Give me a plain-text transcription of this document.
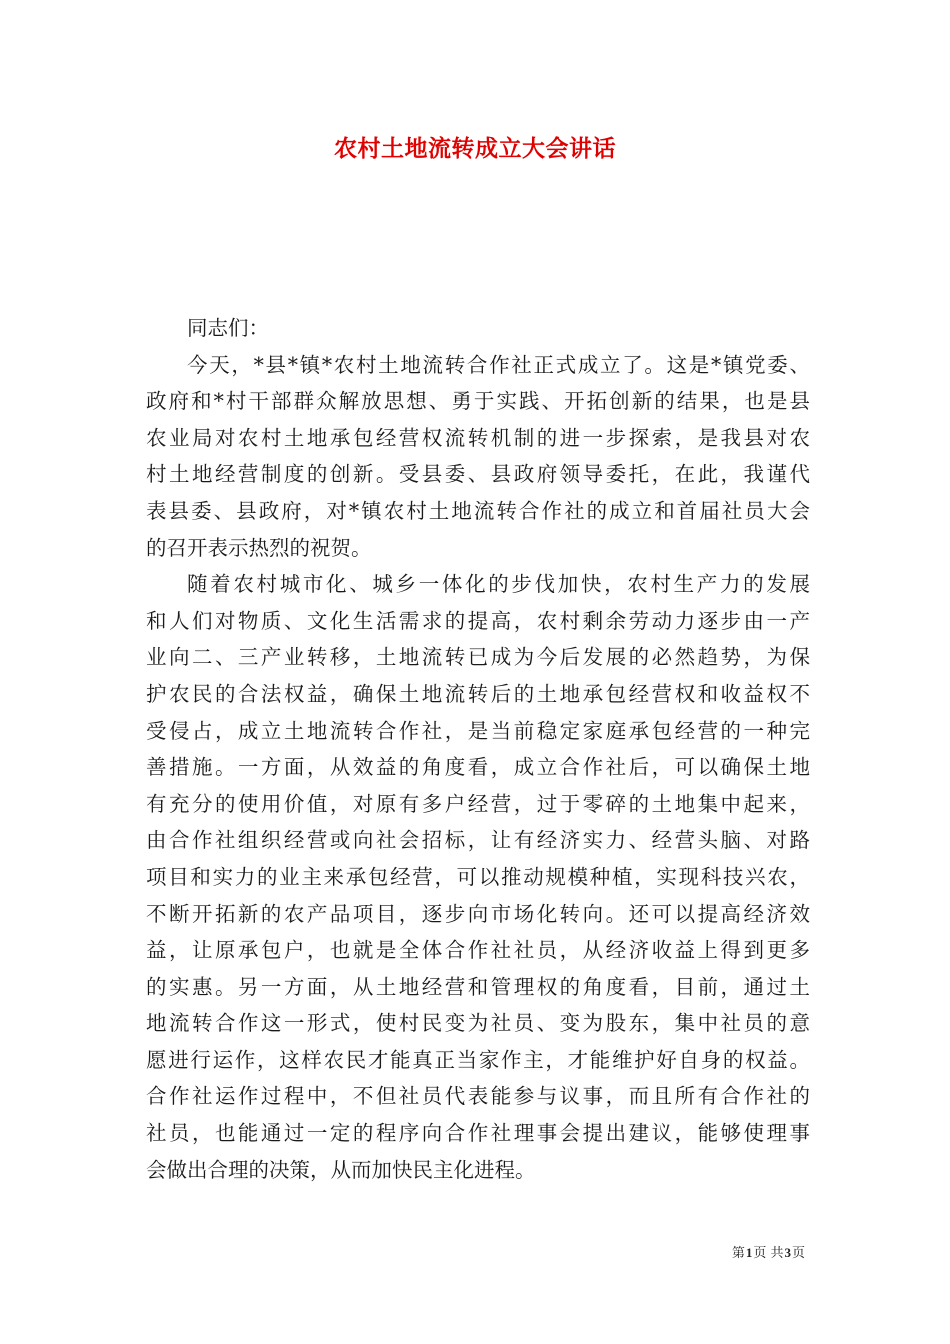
农村土地流转成立大会讲话
同志们：
今天，*县*镇*农村土地流转合作社正式成立了。这是*镇党委、
政府和*村干部群众解放思想、勇于实践、开拓创新的结果，也是县
农业局对农村土地承包经营权流转机制的进一步探索，是我县对农
村土地经营制度的创新。受县委、县政府领导委托，在此，我谨代
表县委、县政府，对*镇农村土地流转合作社的成立和首届社员大会
的召开表示热烈的祝贺。
随着农村城市化、城乡一体化的步伐加快，农村生产力的发展
和人们对物质、文化生活需求的提高，农村剩余劳动力逐步由一产
业向二、三产业转移，土地流转已成为今后发展的必然趋势，为保
护农民的合法权益，确保土地流转后的土地承包经营权和收益权不
受侵占，成立土地流转合作社，是当前稳定家庭承包经营的一种完
善措施。一方面，从效益的角度看，成立合作社后，可以确保土地
有充分的使用价值，对原有多户经营，过于零碎的土地集中起来，
由合作社组织经营或向社会招标，让有经济实力、经营头脑、对路
项目和实力的业主来承包经营，可以推动规模种植，实现科技兴农，
不断开拓新的农产品项目，逐步向市场化转向。还可以提高经济效
益，让原承包户，也就是全体合作社社员，从经济收益上得到更多
的实惠。另一方面，从土地经营和管理权的角度看，目前，通过土
地流转合作这一形式，使村民变为社员、变为股东，集中社员的意
愿进行运作，这样农民才能真正当家作主，才能维护好自身的权益。
合作社运作过程中，不但社员代表能参与议事，而且所有合作社的
社员，也能通过一定的程序向合作社理事会提出建议，能够使理事
会做出合理的决策，从而加快民主化进程。
第1页 共3页
